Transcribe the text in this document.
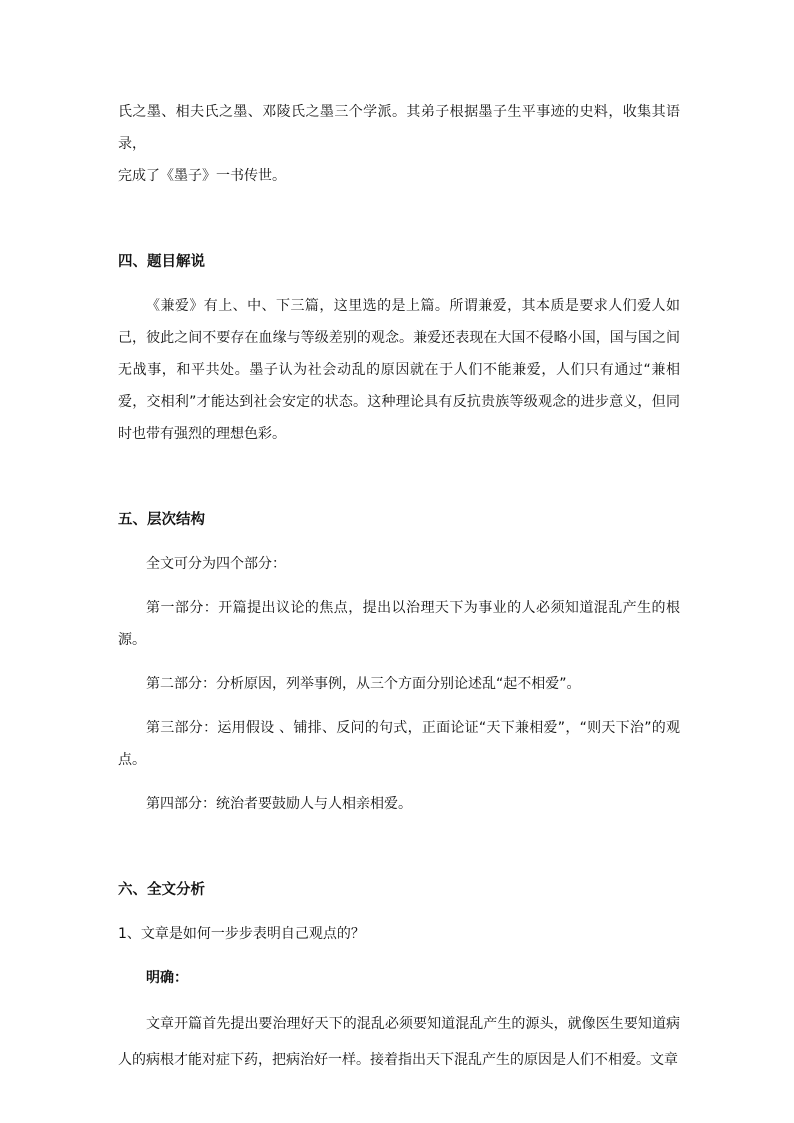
氏之墨、相夫氏之墨、邓陵氏之墨三个学派。其弟子根据墨子生平事迹的史料，收集其语录，

完成了《墨子》一书传世。

四、题目解说

《兼爱》有上、中、下三篇，这里选的是上篇。所谓兼爱，其本质是要求人们爱人如己，彼此之间不要存在血缘与等级差别的观念。兼爱还表现在大国不侵略小国，国与国之间无战事，和平共处。墨子认为社会动乱的原因就在于人们不能兼爱，人们只有通过“兼相爱，交相利”才能达到社会安定的状态。这种理论具有反抗贵族等级观念的进步意义，但同时也带有强烈的理想色彩。

五、层次结构

全文可分为四个部分：

第一部分：开篇提出议论的焦点，提出以治理天下为事业的人必须知道混乱产生的根源。

第二部分：分析原因，列举事例，从三个方面分别论述乱“起不相爱”。

第三部分：运用假设 、铺排、反问的句式，正面论证“天下兼相爱”，“则天下治”的观点。

第四部分：统治者要鼓励人与人相亲相爱。

六、全文分析

1、文章是如何一步步表明自己观点的？

明确：

文章开篇首先提出要治理好天下的混乱必须要知道混乱产生的源头，就像医生要知道病人的病根才能对症下药，把病治好一样。接着指出天下混乱产生的原因是人们不相爱。文章
